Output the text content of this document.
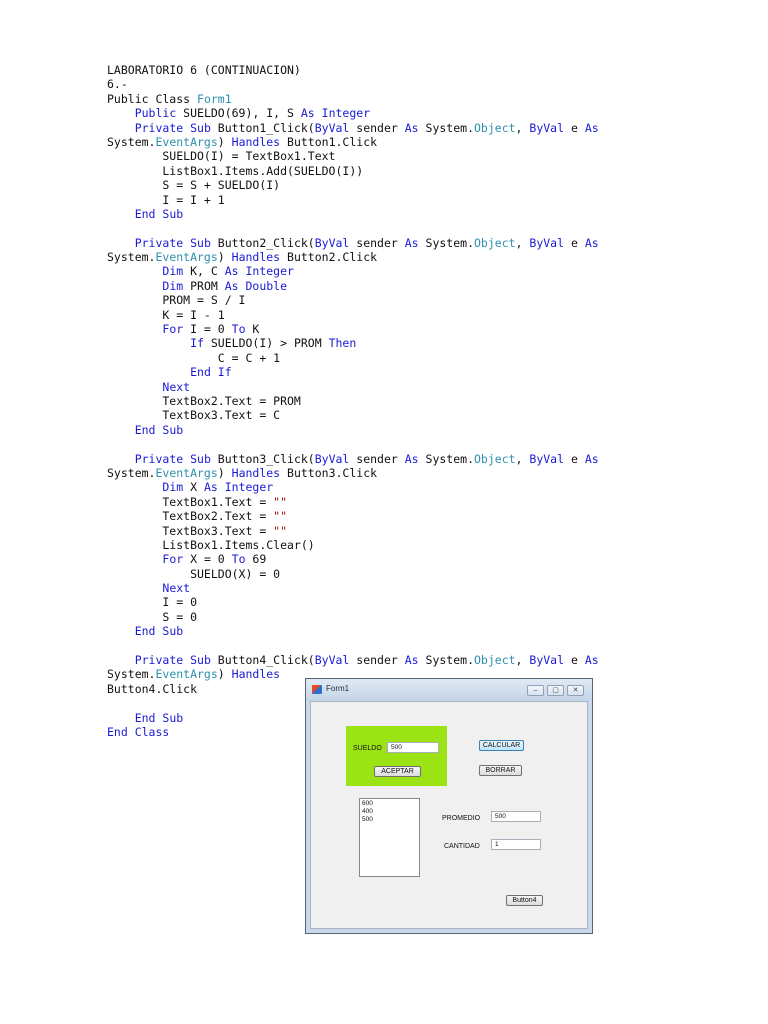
LABORATORIO 6 (CONTINUACION)
6.-
Public Class Form1
Public SUELDO(69), I, S As Integer
Private Sub Button1_Click(ByVal sender As System.Object, ByVal e As
System.EventArgs) Handles Button1.Click
SUELDO(I) = TextBox1.Text
ListBox1.Items.Add(SUELDO(I))
S = S + SUELDO(I)
I = I + 1
End Sub
Private Sub Button2_Click(ByVal sender As System.Object, ByVal e As
System.EventArgs) Handles Button2.Click
Dim K, C As Integer
Dim PROM As Double
PROM = S / I
K = I - 1
For I = 0 To K
If SUELDO(I) > PROM Then
C = C + 1
End If
Next
TextBox2.Text = PROM
TextBox3.Text = C
End Sub
Private Sub Button3_Click(ByVal sender As System.Object, ByVal e As
System.EventArgs) Handles Button3.Click
Dim X As Integer
TextBox1.Text = ""
TextBox2.Text = ""
TextBox3.Text = ""
ListBox1.Items.Clear()
For X = 0 To 69
SUELDO(X) = 0
Next
I = 0
S = 0
End Sub
Private Sub Button4_Click(ByVal sender As System.Object, ByVal e As
System.EventArgs) Handles
Button4.Click
End Sub
End Class
Form1	–	▢	✕
SUELDO	500
ACEPTAR
CALCULAR
BORRAR
600
400
500	PROMEDIO	500
CANTIDAD	1
Button4
